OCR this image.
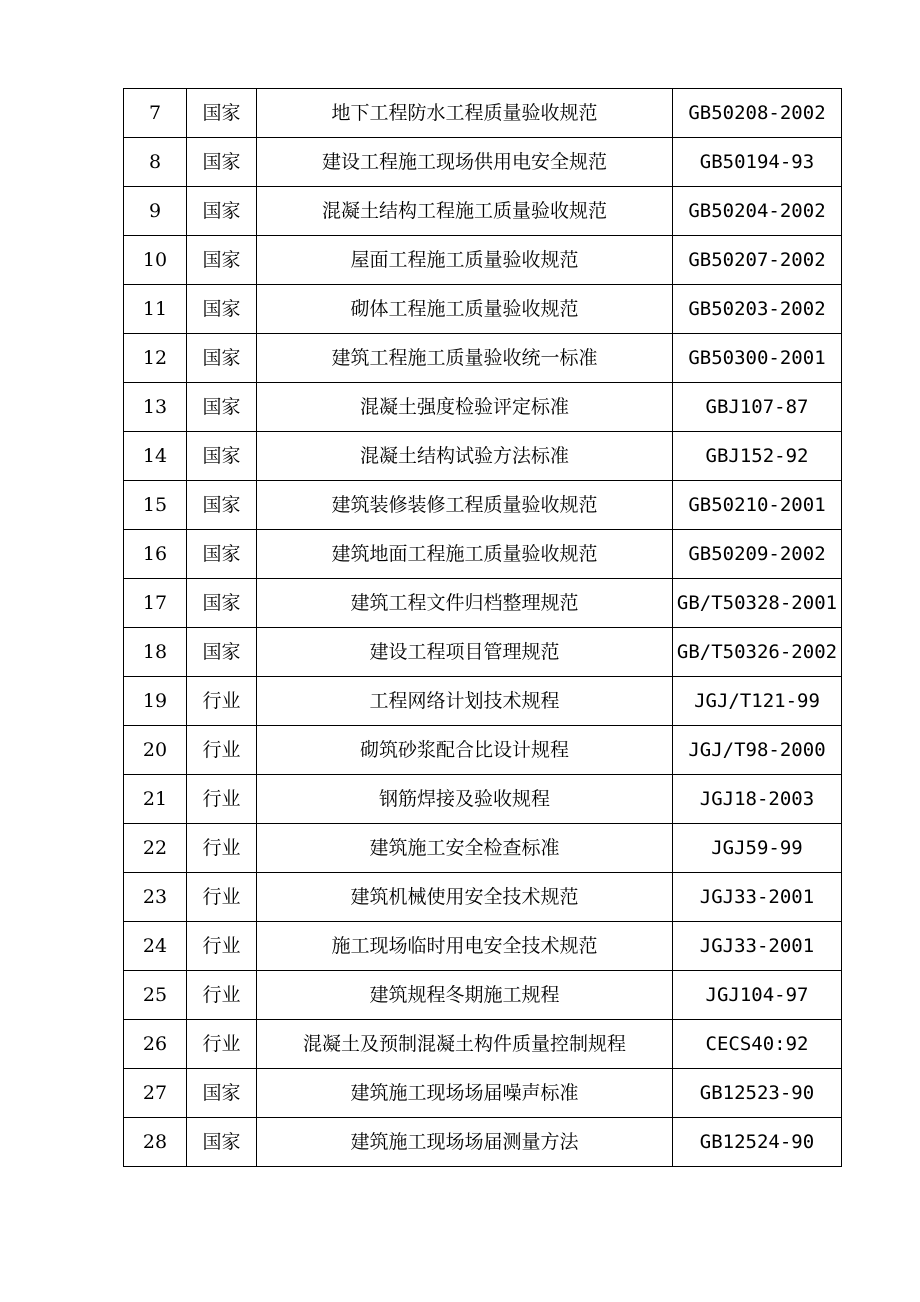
7	国家	地下工程防水工程质量验收规范	GB50208-2002
8	国家	建设工程施工现场供用电安全规范	GB50194-93
9	国家	混凝土结构工程施工质量验收规范	GB50204-2002
10	国家	屋面工程施工质量验收规范	GB50207-2002
11	国家	砌体工程施工质量验收规范	GB50203-2002
12	国家	建筑工程施工质量验收统一标准	GB50300-2001
13	国家	混凝土强度检验评定标准	GBJ107-87
14	国家	混凝土结构试验方法标准	GBJ152-92
15	国家	建筑装修装修工程质量验收规范	GB50210-2001
16	国家	建筑地面工程施工质量验收规范	GB50209-2002
17	国家	建筑工程文件归档整理规范	GB/T50328-2001
18	国家	建设工程项目管理规范	GB/T50326-2002
19	行业	工程网络计划技术规程	JGJ/T121-99
20	行业	砌筑砂浆配合比设计规程	JGJ/T98-2000
21	行业	钢筋焊接及验收规程	JGJ18-2003
22	行业	建筑施工安全检查标准	JGJ59-99
23	行业	建筑机械使用安全技术规范	JGJ33-2001
24	行业	施工现场临时用电安全技术规范	JGJ33-2001
25	行业	建筑规程冬期施工规程	JGJ104-97
26	行业	混凝土及预制混凝土构件质量控制规程	CECS40:92
27	国家	建筑施工现场场届噪声标准	GB12523-90
28	国家	建筑施工现场场届测量方法	GB12524-90
